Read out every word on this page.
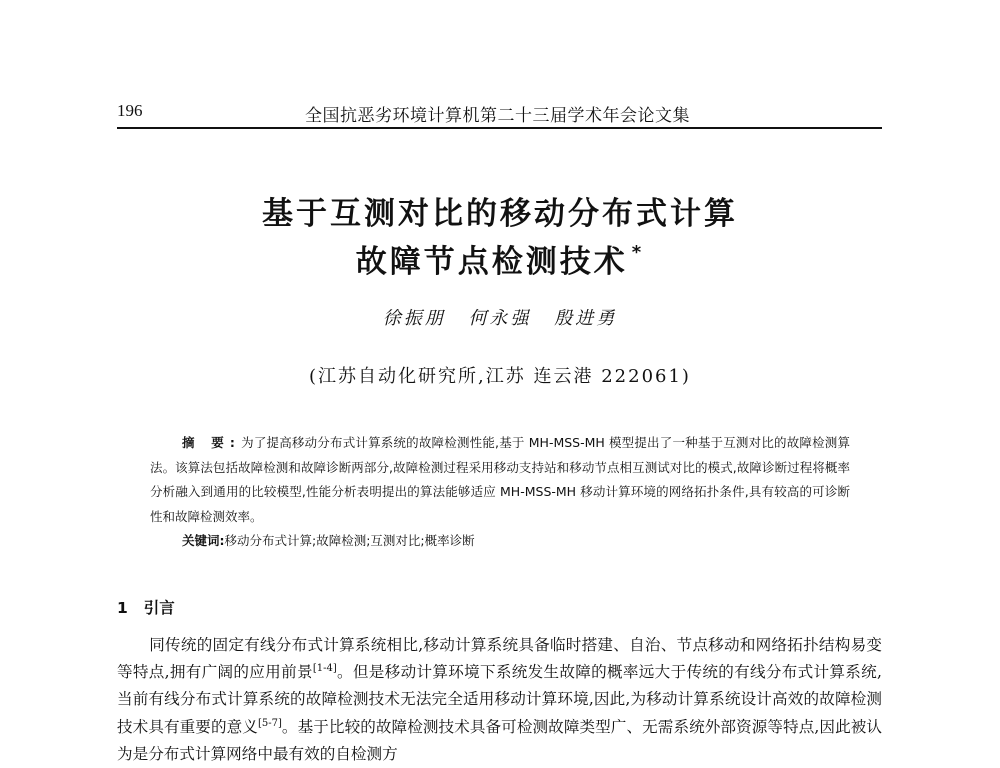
196	全国抗恶劣环境计算机第二十三届学术年会论文集
基于互测对比的移动分布式计算
故障节点检测技术 *
徐振朋 何永强 殷进勇
(江苏自动化研究所,江苏 连云港 222061)
摘 要:为了提高移动分布式计算系统的故障检测性能,基于 MH-MSS-MH 模型提出了一种基于互测对比的故障检测算法。该算法包括故障检测和故障诊断两部分,故障检测过程采用移动支持站和移动节点相互测试对比的模式,故障诊断过程将概率分析融入到通用的比较模型,性能分析表明提出的算法能够适应 MH-MSS-MH 移动计算环境的网络拓扑条件,具有较高的可诊断性和故障检测效率。
关键词:移动分布式计算;故障检测;互测对比;概率诊断
1 引言
同传统的固定有线分布式计算系统相比,移动计算系统具备临时搭建、自治、节点移动和网络拓扑结构易变等特点,拥有广阔的应用前景[1-4]。但是移动计算环境下系统发生故障的概率远大于传统的有线分布式计算系统,当前有线分布式计算系统的故障检测技术无法完全适用移动计算环境,因此,为移动计算系统设计高效的故障检测技术具有重要的意义[5-7]。基于比较的故障检测技术具备可检测故障类型广、无需系统外部资源等特点,因此被认为是分布式计算网络中最有效的自检测方
